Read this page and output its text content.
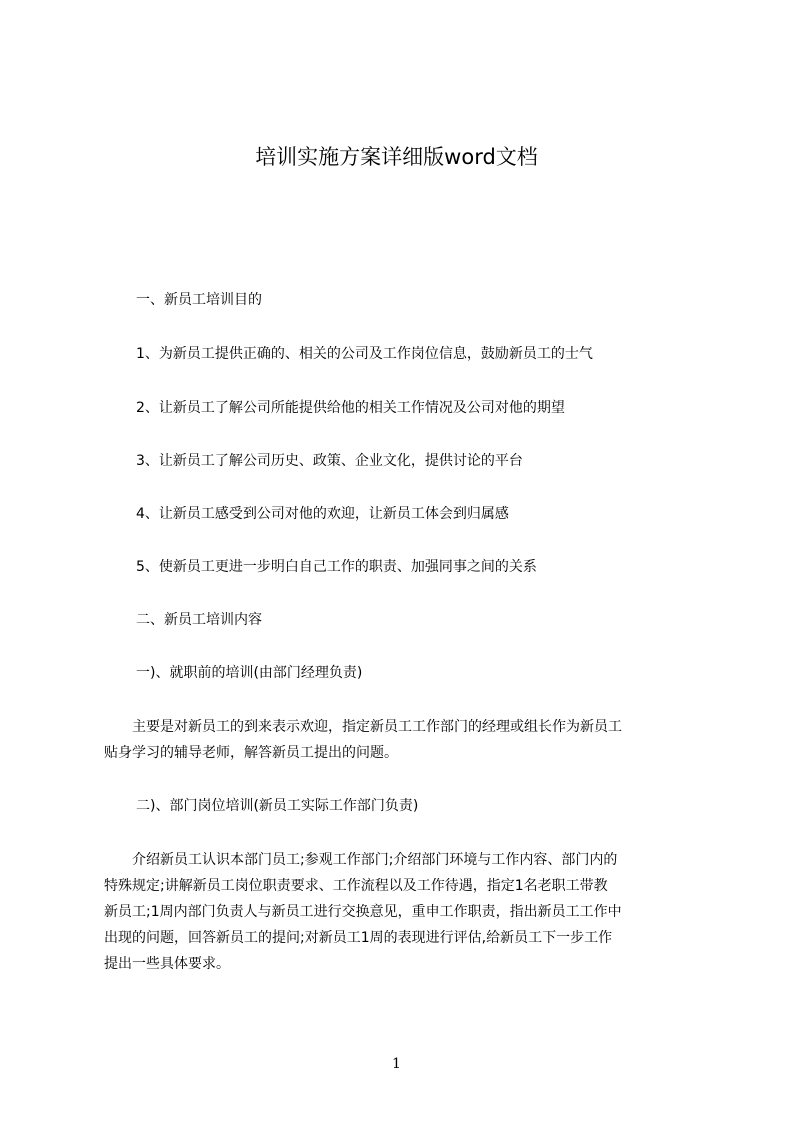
培训实施方案详细版word文档
一、新员工培训目的
1、为新员工提供正确的、相关的公司及工作岗位信息，鼓励新员工的士气
2、让新员工了解公司所能提供给他的相关工作情况及公司对他的期望
3、让新员工了解公司历史、政策、企业文化，提供讨论的平台
4、让新员工感受到公司对他的欢迎，让新员工体会到归属感
5、使新员工更进一步明白自己工作的职责、加强同事之间的关系
二、新员工培训内容
一)、就职前的培训(由部门经理负责)
　　主要是对新员工的到来表示欢迎，指定新员工工作部门的经理或组长作为新员工
贴身学习的辅导老师，解答新员工提出的问题。
二)、部门岗位培训(新员工实际工作部门负责)
　　介绍新员工认识本部门员工;参观工作部门;介绍部门环境与工作内容、部门内的
特殊规定;讲解新员工岗位职责要求、工作流程以及工作待遇，指定1名老职工带教
新员工;1周内部门负责人与新员工进行交换意见，重申工作职责，指出新员工工作中
出现的问题，回答新员工的提问;对新员工1周的表现进行评估,给新员工下一步工作
提出一些具体要求。
1
